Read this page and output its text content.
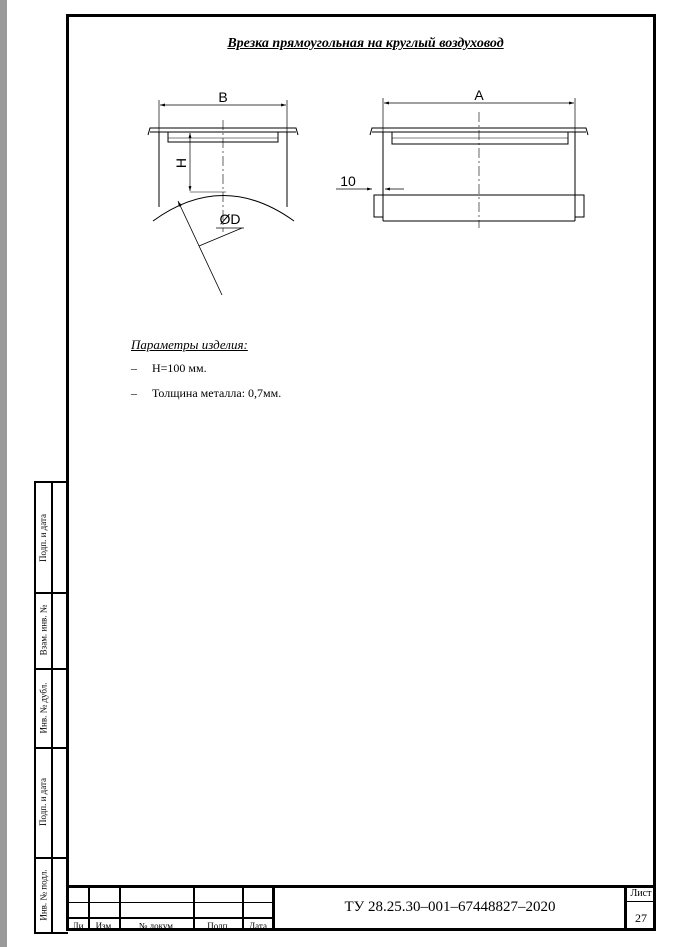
Подп. и дата
Взам. инв. №
Инв. № дубл.
Подп. и дата
Инв. № подл.
Врезка прямоугольная на круглый воздуховод
B	A
10
ØD
H
Параметры изделия:
– H=100 мм.
– Толщина металла: 0,7мм.
Ли	Изм.	№ докум.	Подп.	Дата
ТУ 28.25.30–001–67448827–2020
Лист
27
